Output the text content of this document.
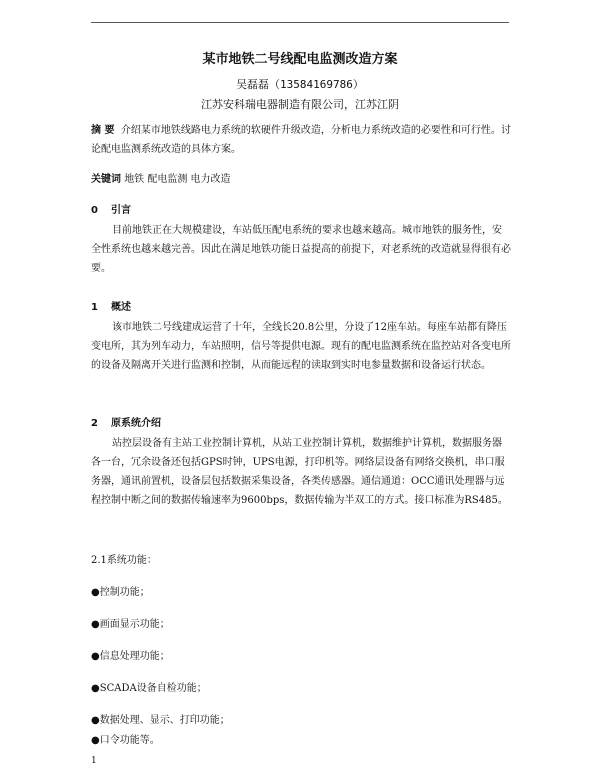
某市地铁二号线配电监测改造方案
吴磊磊（13584169786）
江苏安科瑞电器制造有限公司，江苏江阴
摘 要 介绍某市地铁线路电力系统的软硬件升级改造，分析电力系统改造的必要性和可行性。讨论配电监测系统改造的具体方案。
关键词 地铁 配电监测 电力改造
0 引言
目前地铁正在大规模建设，车站低压配电系统的要求也越来越高。城市地铁的服务性，安全性系统也越来越完善。因此在满足地铁功能日益提高的前提下，对老系统的改造就显得很有必要。
1 概述
该市地铁二号线建成运营了十年，全线长20.8公里，分设了12座车站。每座车站都有降压变电所，其为列车动力，车站照明，信号等提供电源。现有的配电监测系统在监控站对各变电所的设备及隔离开关进行监测和控制，从而能远程的读取到实时电参量数据和设备运行状态。
2 原系统介绍
站控层设备有主站工业控制计算机，从站工业控制计算机，数据维护计算机，数据服务器各一台，冗余设备还包括GPS时钟，UPS电源，打印机等。网络层设备有网络交换机，串口服务器，通讯前置机，设备层包括数据采集设备，各类传感器。通信通道：OCC通讯处理器与远程控制中断之间的数据传输速率为9600bps，数据传输为半双工的方式。接口标准为RS485。
2.1系统功能：
●控制功能；
●画面显示功能；
●信息处理功能；
●SCADA设备自检功能；
●数据处理、显示、打印功能；
●口令功能等。
1
